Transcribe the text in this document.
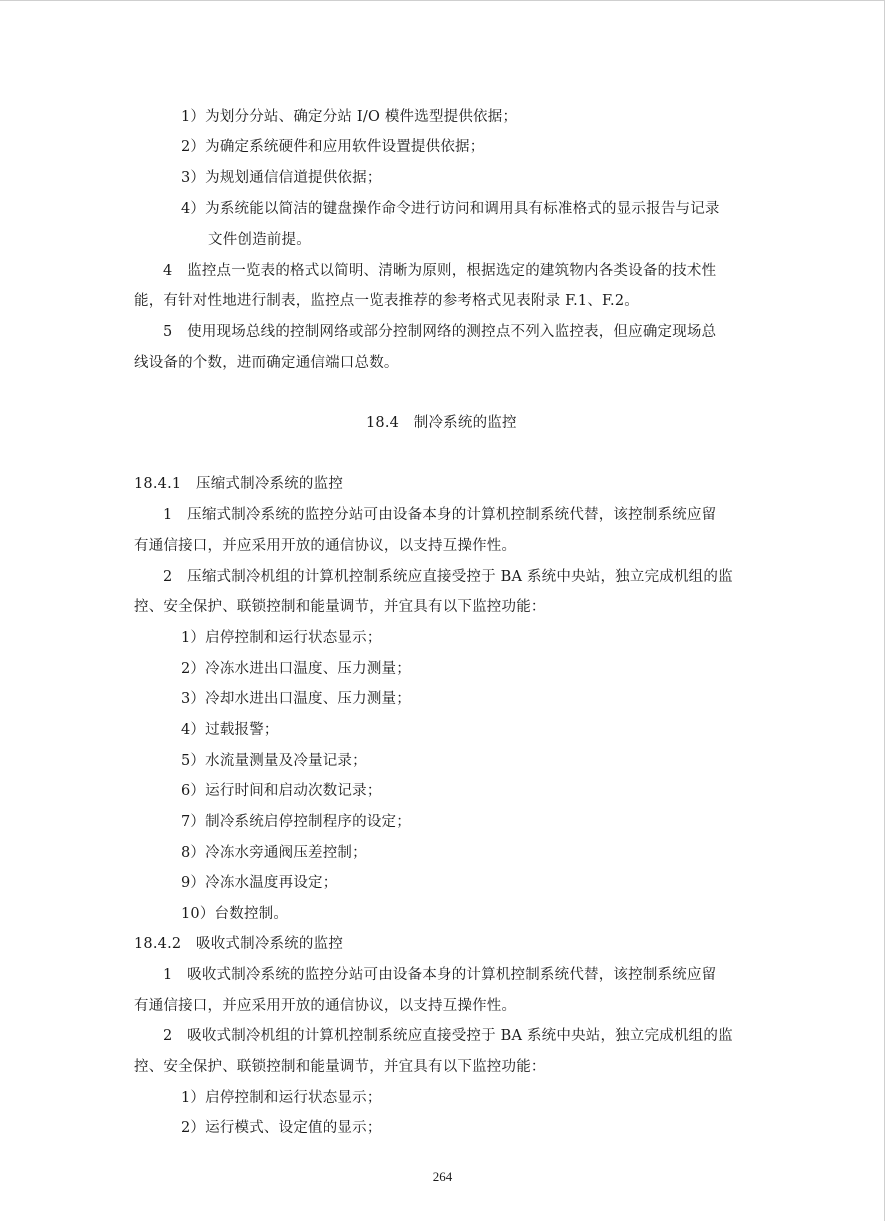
1）为划分分站、确定分站 I/O 模件选型提供依据；
2）为确定系统硬件和应用软件设置提供依据；
3）为规划通信信道提供依据；
4）为系统能以简洁的键盘操作命令进行访问和调用具有标准格式的显示报告与记录
文件创造前提。
4　监控点一览表的格式以简明、清晰为原则，根据选定的建筑物内各类设备的技术性
能，有针对性地进行制表，监控点一览表推荐的参考格式见表附录 F.1、F.2。
5　使用现场总线的控制网络或部分控制网络的测控点不列入监控表，但应确定现场总
线设备的个数，进而确定通信端口总数。
18.4　制冷系统的监控
18.4.1　压缩式制冷系统的监控
1　压缩式制冷系统的监控分站可由设备本身的计算机控制系统代替，该控制系统应留
有通信接口，并应采用开放的通信协议，以支持互操作性。
2　压缩式制冷机组的计算机控制系统应直接受控于 BA 系统中央站，独立完成机组的监
控、安全保护、联锁控制和能量调节，并宜具有以下监控功能：
1）启停控制和运行状态显示；
2）冷冻水进出口温度、压力测量；
3）冷却水进出口温度、压力测量；
4）过载报警；
5）水流量测量及冷量记录；
6）运行时间和启动次数记录；
7）制冷系统启停控制程序的设定；
8）冷冻水旁通阀压差控制；
9）冷冻水温度再设定；
10）台数控制。
18.4.2　吸收式制冷系统的监控
1　吸收式制冷系统的监控分站可由设备本身的计算机控制系统代替，该控制系统应留
有通信接口，并应采用开放的通信协议，以支持互操作性。
2　吸收式制冷机组的计算机控制系统应直接受控于 BA 系统中央站，独立完成机组的监
控、安全保护、联锁控制和能量调节，并宜具有以下监控功能：
1）启停控制和运行状态显示；
2）运行模式、设定值的显示；
264
